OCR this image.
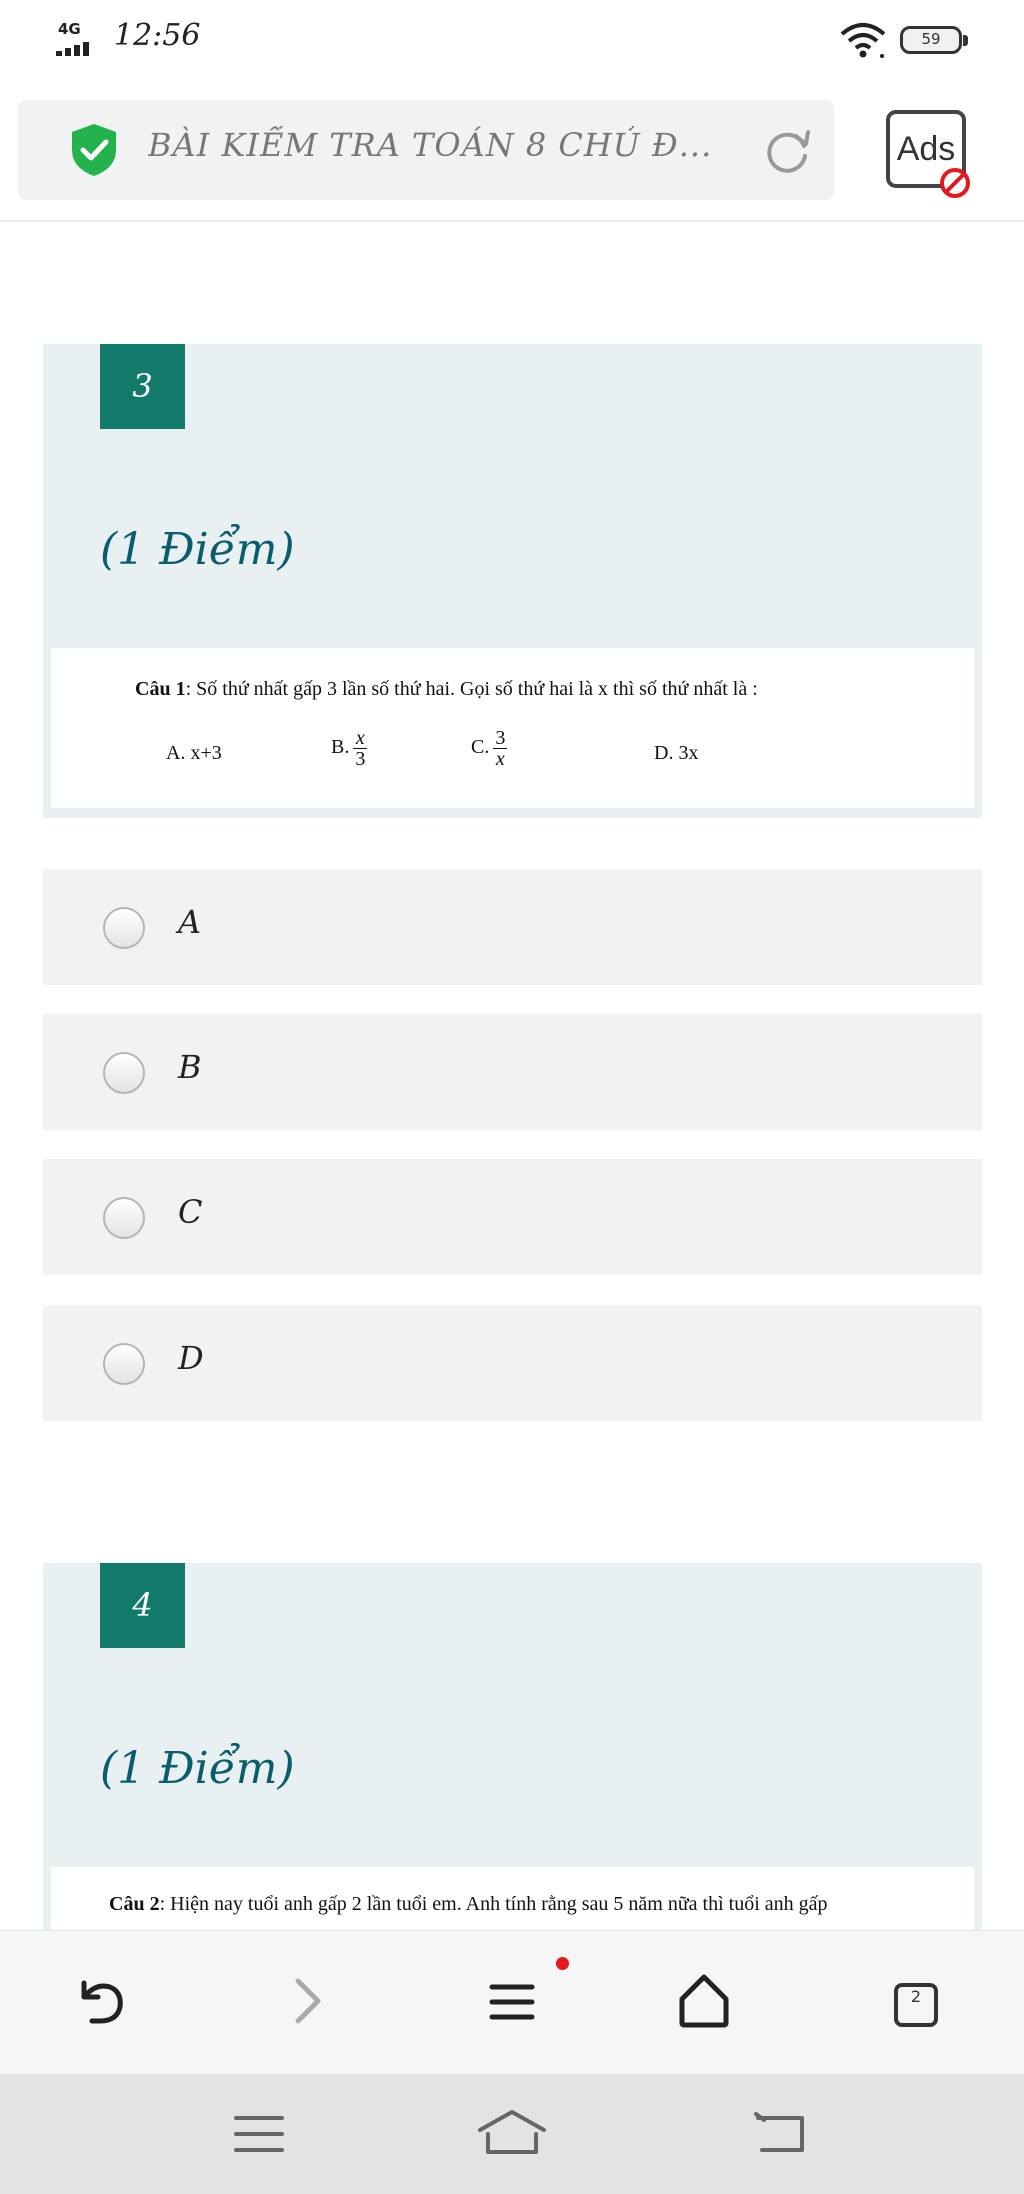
4G 12:56	59
BÀI KIỂM TRA TOÁN 8 CHỦ Đ...	Ads
3
(1 Điểm)
Câu 1: Số thứ nhất gấp 3 lần số thứ hai. Gọi số thứ hai là x thì số thứ nhất là :
A. x+3	B. $\frac{x}{3}$	C. $\frac{3}{x}$	D. 3x
A
B
C
D
4
(1 Điểm)
Câu 2: Hiện nay tuổi anh gấp 2 lần tuổi em. Anh tính rằng sau 5 năm nữa thì tuổi anh gấp
2
